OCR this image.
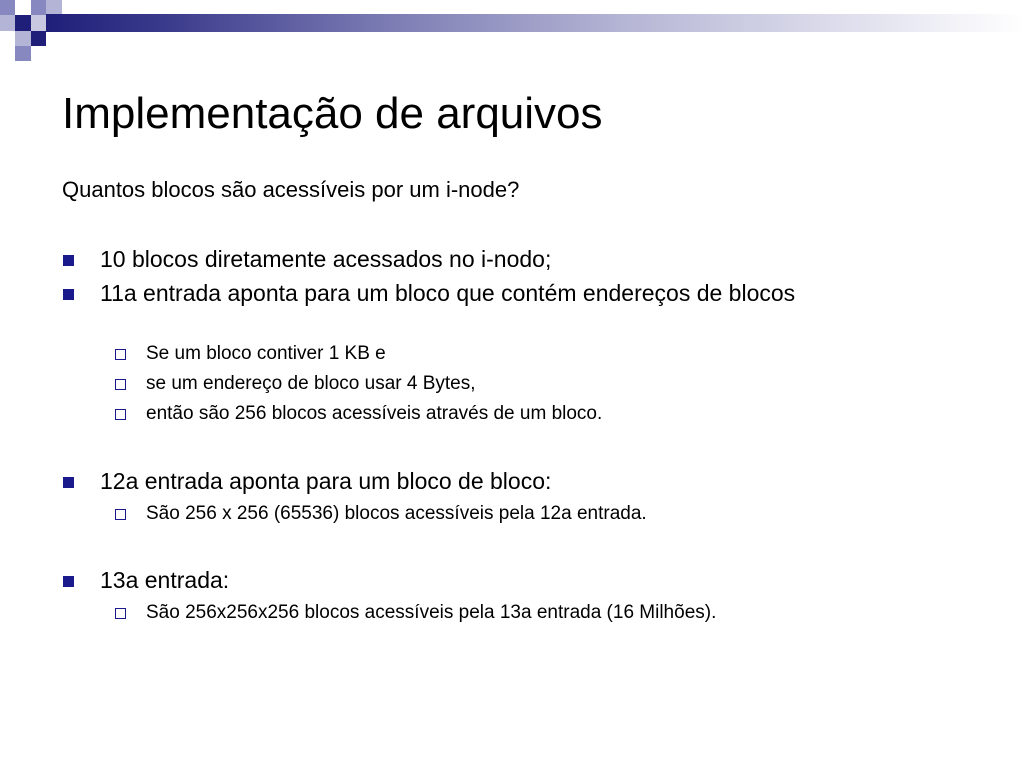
Implementação de arquivos
Quantos blocos são acessíveis por um i-node?
10 blocos diretamente acessados no i-nodo;
11a entrada aponta para um bloco que contém endereços de blocos
Se um bloco contiver 1 KB e
se um endereço de bloco usar 4 Bytes,
então são 256 blocos acessíveis através de um bloco.
12a entrada aponta para um bloco de bloco:
São 256 x 256 (65536) blocos acessíveis pela 12a entrada.
13a entrada:
São 256x256x256 blocos acessíveis pela 13a entrada (16 Milhões).
